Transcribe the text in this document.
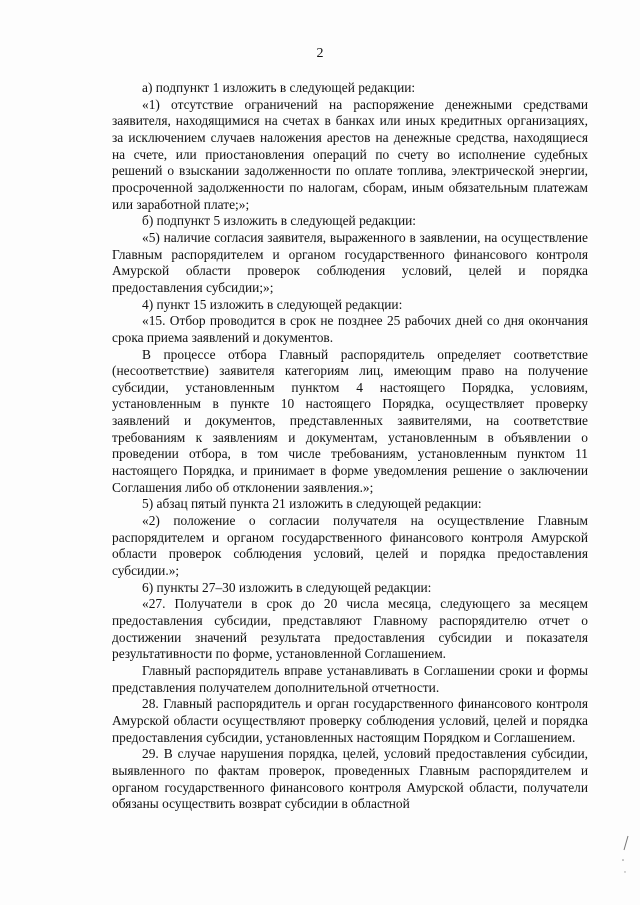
2

а) подпункт 1 изложить в следующей редакции:

«1) отсутствие ограничений на распоряжение денежными средствами заявителя, находящимися на счетах в банках или иных кредитных организациях, за исключением случаев наложения арестов на денежные средства, находящиеся на счете, или приостановления операций по счету во исполнение судебных решений о взыскании задолженности по оплате топлива, электрической энергии, просроченной задолженности по налогам, сборам, иным обязательным платежам или заработной плате;»;

б) подпункт 5 изложить в следующей редакции:

«5) наличие согласия заявителя, выраженного в заявлении, на осуществление Главным распорядителем и органом государственного финансового контроля Амурской области проверок соблюдения условий, целей и порядка предоставления субсидии;»;

4) пункт 15 изложить в следующей редакции:

«15. Отбор проводится в срок не позднее 25 рабочих дней со дня окончания срока приема заявлений и документов.

В процессе отбора Главный распорядитель определяет соответствие (несоответствие) заявителя категориям лиц, имеющим право на получение субсидии, установленным пунктом 4 настоящего Порядка, условиям, установленным в пункте 10 настоящего Порядка, осуществляет проверку заявлений и документов, представленных заявителями, на соответствие требованиям к заявлениям и документам, установленным в объявлении о проведении отбора, в том числе требованиям, установленным пунктом 11 настоящего Порядка, и принимает в форме уведомления решение о заключении Соглашения либо об отклонении заявления.»;

5) абзац пятый пункта 21 изложить в следующей редакции:

«2) положение о согласии получателя на осуществление Главным распорядителем и органом государственного финансового контроля Амурской области проверок соблюдения условий, целей и порядка предоставления субсидии.»;

6) пункты 27–30 изложить в следующей редакции:

«27. Получатели в срок до 20 числа месяца, следующего за месяцем предоставления субсидии, представляют Главному распорядителю отчет о достижении значений результата предоставления субсидии и показателя результативности по форме, установленной Соглашением.

Главный распорядитель вправе устанавливать в Соглашении сроки и формы представления получателем дополнительной отчетности.

28. Главный распорядитель и орган государственного финансового контроля Амурской области осуществляют проверку соблюдения условий, целей и порядка предоставления субсидии, установленных настоящим Порядком и Соглашением.

29. В случае нарушения порядка, целей, условий предоставления субсидии, выявленного по фактам проверок, проведенных Главным распорядителем и органом государственного финансового контроля Амурской области, получатели обязаны осуществить возврат субсидии в областной
